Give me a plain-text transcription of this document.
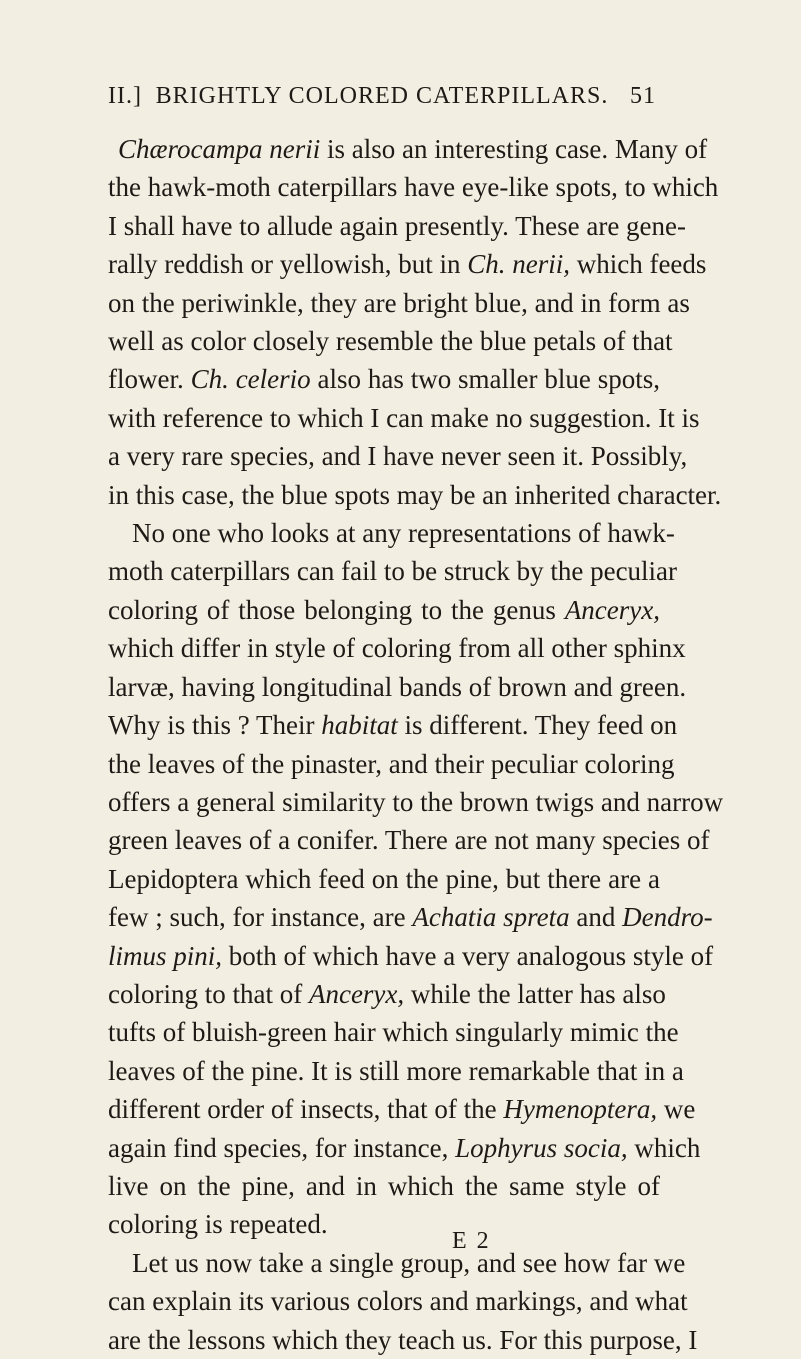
II.] BRIGHTLY COLORED CATERPILLARS. 51
Chærocampa nerii is also an interesting case. Many of
the hawk-moth caterpillars have eye-like spots, to which
I shall have to allude again presently. These are gene-
rally reddish or yellowish, but in Ch. nerii, which feeds
on the periwinkle, they are bright blue, and in form as
well as color closely resemble the blue petals of that
flower. Ch. celerio also has two smaller blue spots,
with reference to which I can make no suggestion. It is
a very rare species, and I have never seen it. Possibly,
in this case, the blue spots may be an inherited character.
No one who looks at any representations of hawk-
moth caterpillars can fail to be struck by the peculiar
coloring of those belonging to the genus Ancerуx,
which differ in style of coloring from all other sphinx
larvæ, having longitudinal bands of brown and green.
Why is this ? Their habitat is different. They feed on
the leaves of the pinaster, and their peculiar coloring
offers a general similarity to the brown twigs and narrow
green leaves of a conifer. There are not many species of
Lepidoptera which feed on the pine, but there are a
few ; such, for instance, are Achatia spreta and Dendro-
limus pini, both of which have a very analogous style of
coloring to that of Ancerуx, while the latter has also
tufts of bluish-green hair which singularly mimic the
leaves of the pine. It is still more remarkable that in a
different order of insects, that of the Hymenoptera, we
again find species, for instance, Lophyrus socia, which
live on the pine, and in which the same style of
coloring is repeated.
Let us now take a single group, and see how far we
can explain its various colors and markings, and what
are the lessons which they teach us. For this purpose, I
E 2
